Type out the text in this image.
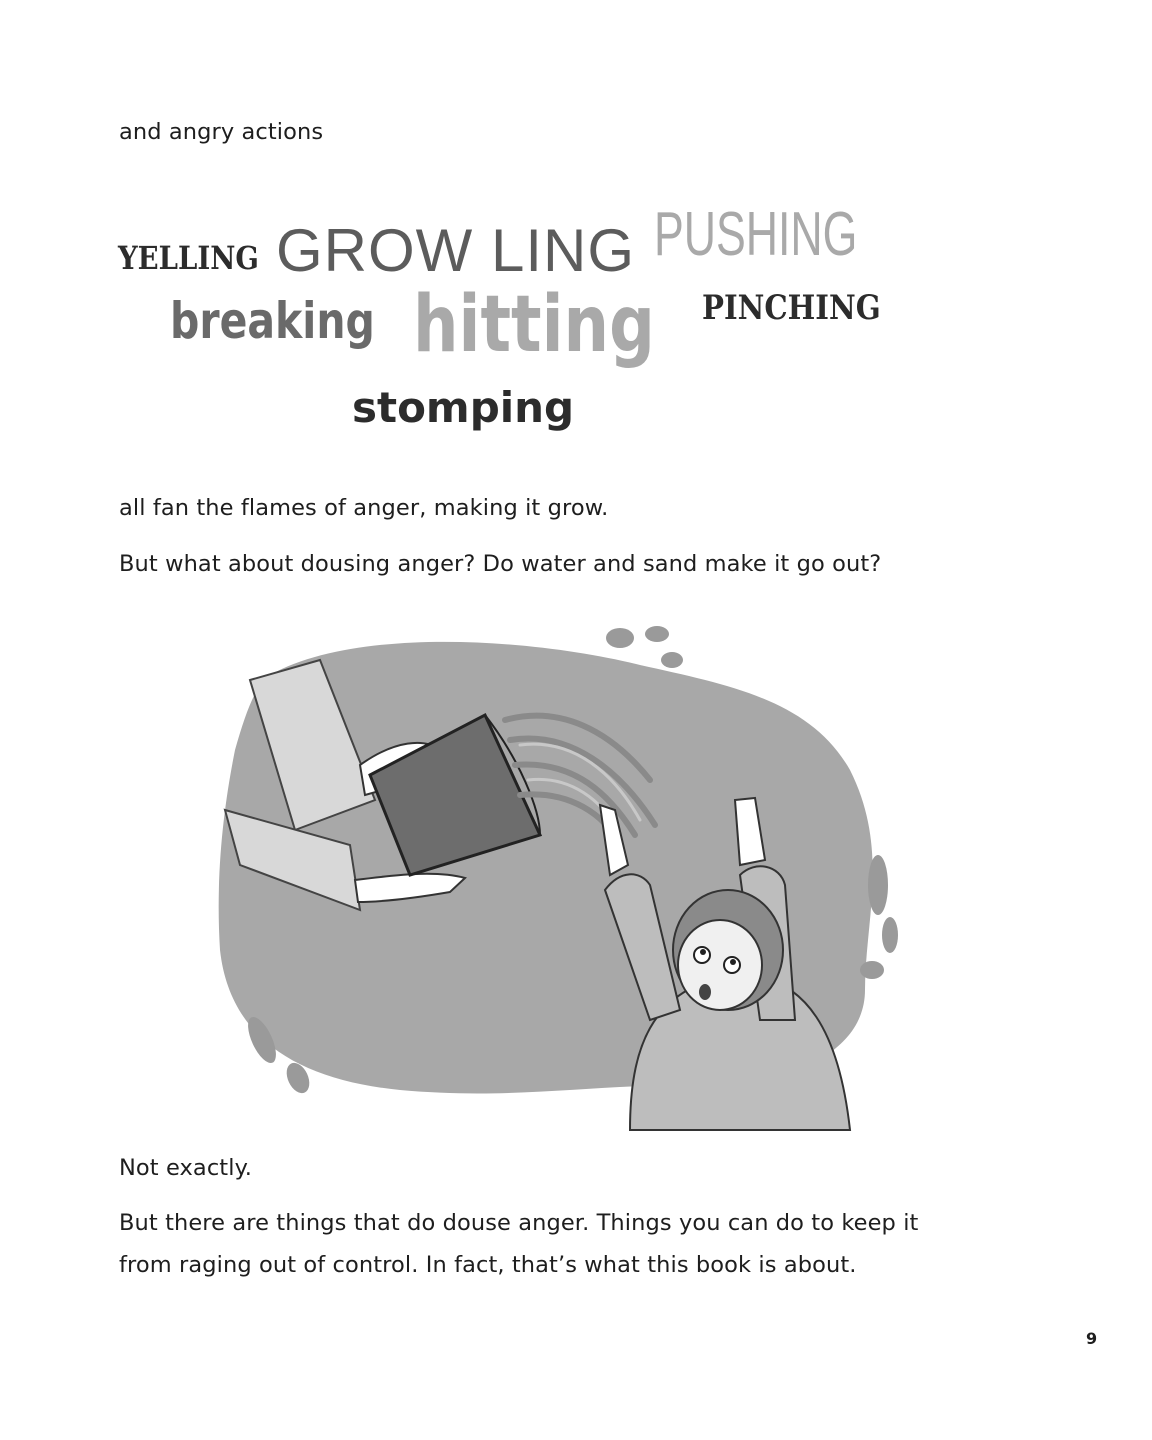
and angry actions

YELLING GROW LING PUSHING
breaking hitting PINCHING
stomping

all fan the flames of anger, making it grow.

But what about dousing anger? Do water and sand make it go out?

Not exactly.

But there are things that do douse anger. Things you can do to keep it

from raging out of control. In fact, that’s what this book is about.

9
